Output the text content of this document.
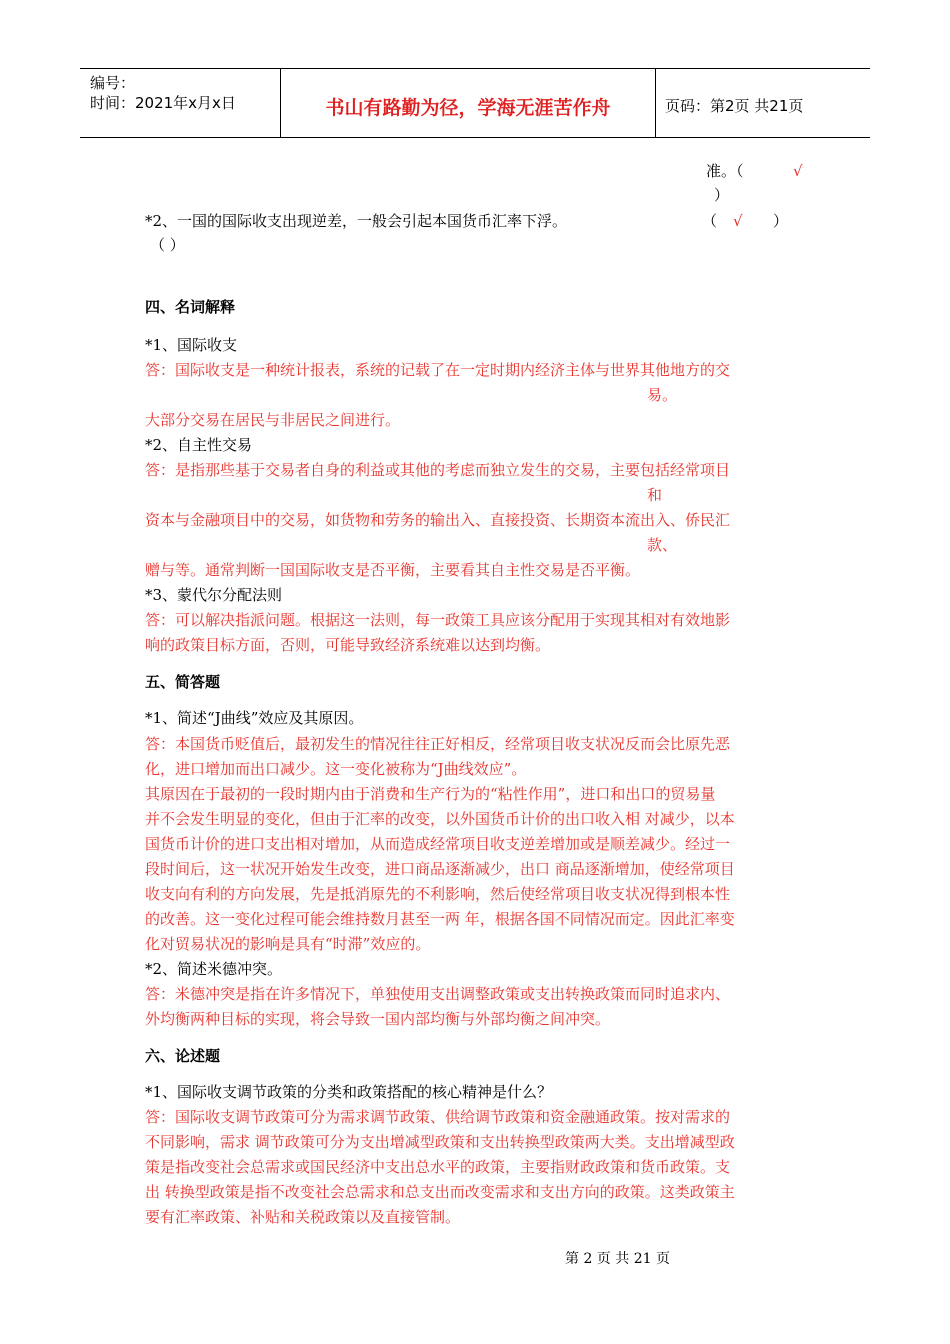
编号：
时间：2021年x月x日	书山有路勤为径，学海无涯苦作舟	页码：第2页 共21页
准。（	√
）
*2、一国的国际收支出现逆差，一般会引起本国货币汇率下浮。	（ √ ）
（ ）
四、名词解释
*1、国际收支
答：国际收支是一种统计报表，系统的记载了在一定时期内经济主体与世界其他地方的交
易。
大部分交易在居民与非居民之间进行。
*2、自主性交易
答：是指那些基于交易者自身的利益或其他的考虑而独立发生的交易，主要包括经常项目
和
资本与金融项目中的交易，如货物和劳务的输出入、直接投资、长期资本流出入、侨民汇
款、
赠与等。通常判断一国国际收支是否平衡，主要看其自主性交易是否平衡。
*3、蒙代尔分配法则
答：可以解决指派问题。根据这一法则，每一政策工具应该分配用于实现其相对有效地影
响的政策目标方面，否则，可能导致经济系统难以达到均衡。
五、简答题
*1、简述“J曲线”效应及其原因。
答：本国货币贬值后，最初发生的情况往往正好相反，经常项目收支状况反而会比原先恶
化，进口增加而出口减少。这一变化被称为“J曲线效应”。
其原因在于最初的一段时期内由于消费和生产行为的“粘性作用”，进口和出口的贸易量
并不会发生明显的变化，但由于汇率的改变，以外国货币计价的出口收入相 对减少，以本
国货币计价的进口支出相对增加，从而造成经常项目收支逆差增加或是顺差减少。经过一
段时间后，这一状况开始发生改变，进口商品逐渐减少，出口 商品逐渐增加，使经常项目
收支向有利的方向发展，先是抵消原先的不利影响，然后使经常项目收支状况得到根本性
的改善。这一变化过程可能会维持数月甚至一两 年，根据各国不同情况而定。因此汇率变
化对贸易状况的影响是具有“时滞”效应的。
*2、简述米德冲突。
答：米德冲突是指在许多情况下，单独使用支出调整政策或支出转换政策而同时追求内、
外均衡两种目标的实现，将会导致一国内部均衡与外部均衡之间冲突。
六、论述题
*1、国际收支调节政策的分类和政策搭配的核心精神是什么？
答：国际收支调节政策可分为需求调节政策、供给调节政策和资金融通政策。按对需求的
不同影响，需求 调节政策可分为支出增减型政策和支出转换型政策两大类。支出增减型政
策是指改变社会总需求或国民经济中支出总水平的政策，主要指财政政策和货币政策。支
出 转换型政策是指不改变社会总需求和总支出而改变需求和支出方向的政策。这类政策主
要有汇率政策、补贴和关税政策以及直接管制。
第 2 页 共 21 页
